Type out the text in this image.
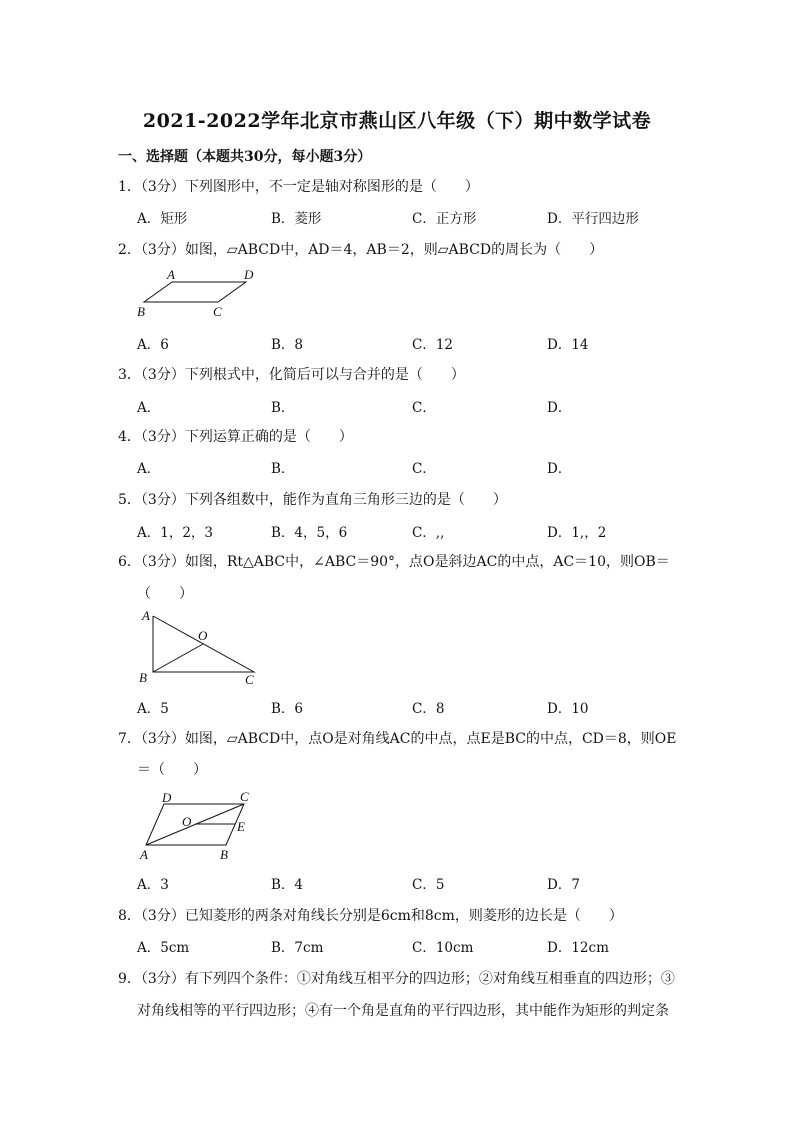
2021-2022学年北京市燕山区八年级（下）期中数学试卷
一、选择题（本题共30分，每小题3分）
1．（3分）下列图形中，不一定是轴对称图形的是（　　）
A．矩形	B．菱形	C．正方形	D．平行四边形
2．（3分）如图，▱ABCD中，AD＝4，AB＝2，则▱ABCD的周长为（　　）
A	D
B	C
A．6	B．8	C．12	D．14
3．（3分）下列根式中，化简后可以与合并的是（　　）
A．	B．	C．	D．
4．（3分）下列运算正确的是（　　）
A．	B．	C．	D．
5．（3分）下列各组数中，能作为直角三角形三边的是（　　）
A．1，2，3	B．4，5，6	C．,,	D．1,，2
6．（3分）如图，Rt△ABC中，∠ABC＝90°，点O是斜边AC的中点，AC＝10，则OB＝
（　　）
A
O
B	C
A．5	B．6	C．8	D．10
7．（3分）如图，▱ABCD中，点O是对角线AC的中点，点E是BC的中点，CD＝8，则OE
＝（　　）
D	C
O	E
A	B
A．3	B．4	C．5	D．7
8．（3分）已知菱形的两条对角线长分别是6cm和8cm，则菱形的边长是（　　）
A．5cm	B．7cm	C．10cm	D．12cm
9．（3分）有下列四个条件：①对角线互相平分的四边形；②对角线互相垂直的四边形；③
对角线相等的平行四边形；④有一个角是直角的平行四边形，其中能作为矩形的判定条
